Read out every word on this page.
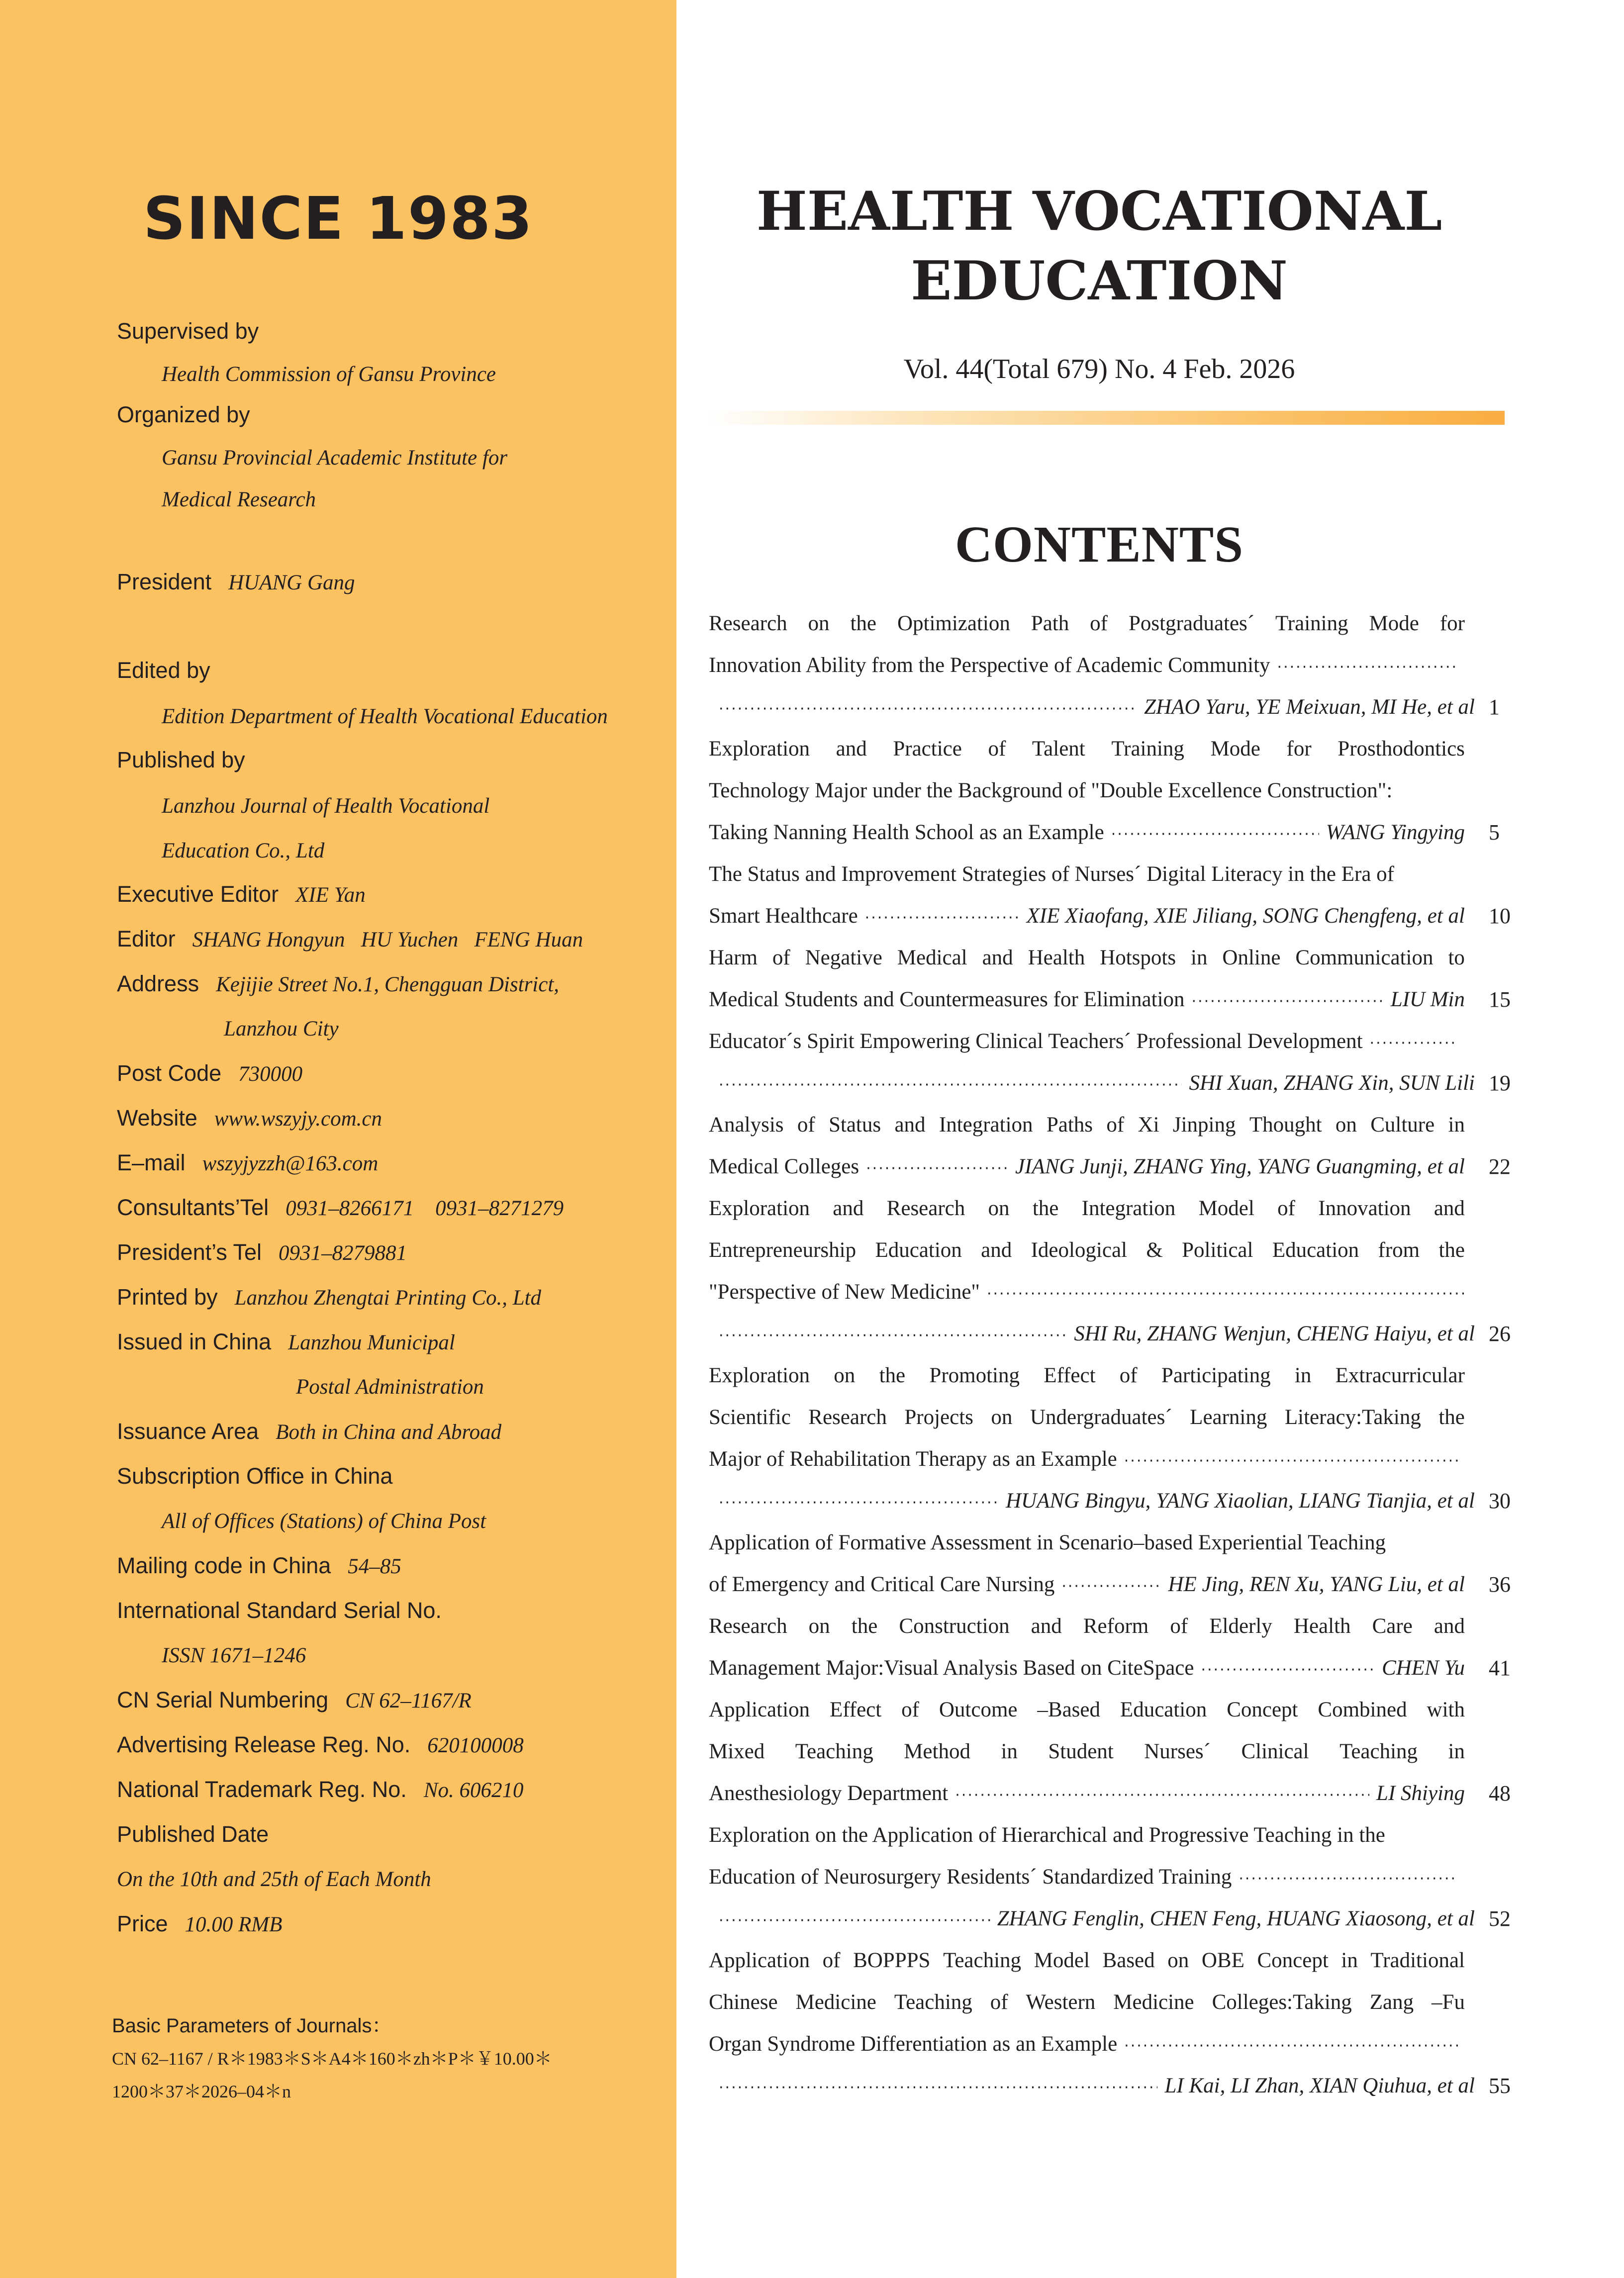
SINCE 1983
Supervised by
Health Commission of Gansu Province
Organized by
Gansu Provincial Academic Institute for
Medical Research
President HUANG Gang
Edited by
Edition Department of Health Vocational Education
Published by
Lanzhou Journal of Health Vocational
Education Co., Ltd
Executive Editor XIE Yan
Editor SHANG Hongyun   HU Yuchen   FENG Huan
Address Kejijie Street No.1, Chengguan District,
Lanzhou City
Post Code 730000
Website www.wszyjy.com.cn
E–mail wszyjyzzh@163.com
Consultants’Tel 0931–8266171    0931–8271279
President’s Tel 0931–8279881
Printed by Lanzhou Zhengtai Printing Co., Ltd
Issued in China Lanzhou Municipal
Postal Administration
Issuance Area Both in China and Abroad
Subscription Office in China
All of Offices (Stations) of China Post
Mailing code in China 54–85
International Standard Serial No.
ISSN 1671–1246
CN Serial Numbering CN 62–1167/R
Advertising Release Reg. No. 620100008
National Trademark Reg. No. No. 606210
Published Date
On the 10th and 25th of Each Month
Price 10.00 RMB
Basic Parameters of Journals：
CN 62–1167 / R＊1983＊S＊A4＊160＊zh＊P＊￥10.00＊
1200＊37＊2026–04＊n
HEALTH VOCATIONAL
EDUCATION
Vol. 44(Total 679) No. 4 Feb. 2026
CONTENTS
Research on the Optimization Path of Postgraduates´ Training Mode for
Innovation Ability from the Perspective of Academic Community
·····
·····
ZHAO Yaru, YE Meixuan, MI He, et al 1
Exploration and Practice of Talent Training Mode for Prosthodontics
Technology Major under the Background of "Double Excellence Construction":
Taking Nanning Health School as an Example ·····	WANG Yingying 5
The Status and Improvement Strategies of Nurses´ Digital Literacy in the Era of
Smart Healthcare ·····	XIE Xiaofang, XIE Jiliang, SONG Chengfeng, et al 10
Harm of Negative Medical and Health Hotspots in Online Communication to
Medical Students and Countermeasures for Elimination ·····	LIU Min 15
Educator´s Spirit Empowering Clinical Teachers´ Professional Development
·····
·····
SHI Xuan, ZHANG Xin, SUN Lili 19
Analysis of Status and Integration Paths of Xi Jinping Thought on Culture in
Medical Colleges ·····	JIANG Junji, ZHANG Ying, YANG Guangming, et al 22
Exploration and Research on the Integration Model of Innovation and
Entrepreneurship Education and Ideological & Political Education from the
"Perspective of New Medicine"
·····
·····
SHI Ru, ZHANG Wenjun, CHENG Haiyu, et al 26
Exploration on the Promoting Effect of Participating in Extracurricular
Scientific Research Projects on Undergraduates´ Learning Literacy:Taking the
Major of Rehabilitation Therapy as an Example
·····
·····
HUANG Bingyu, YANG Xiaolian, LIANG Tianjia, et al 30
Application of Formative Assessment in Scenario–based Experiential Teaching
of Emergency and Critical Care Nursing ·····	HE Jing, REN Xu, YANG Liu, et al 36
Research on the Construction and Reform of Elderly Health Care and
Management Major:Visual Analysis Based on CiteSpace ·····	CHEN Yu 41
Application Effect of Outcome –Based Education Concept Combined with
Mixed Teaching Method in Student Nurses´ Clinical Teaching in
Anesthesiology Department ·····	LI Shiying 48
Exploration on the Application of Hierarchical and Progressive Teaching in the
Education of Neurosurgery Residents´ Standardized Training
·····
·····
ZHANG Fenglin, CHEN Feng, HUANG Xiaosong, et al 52
Application of BOPPPS Teaching Model Based on OBE Concept in Traditional
Chinese Medicine Teaching of Western Medicine Colleges:Taking Zang –Fu
Organ Syndrome Differentiation as an Example
·····
·····
LI Kai, LI Zhan, XIAN Qiuhua, et al 55
